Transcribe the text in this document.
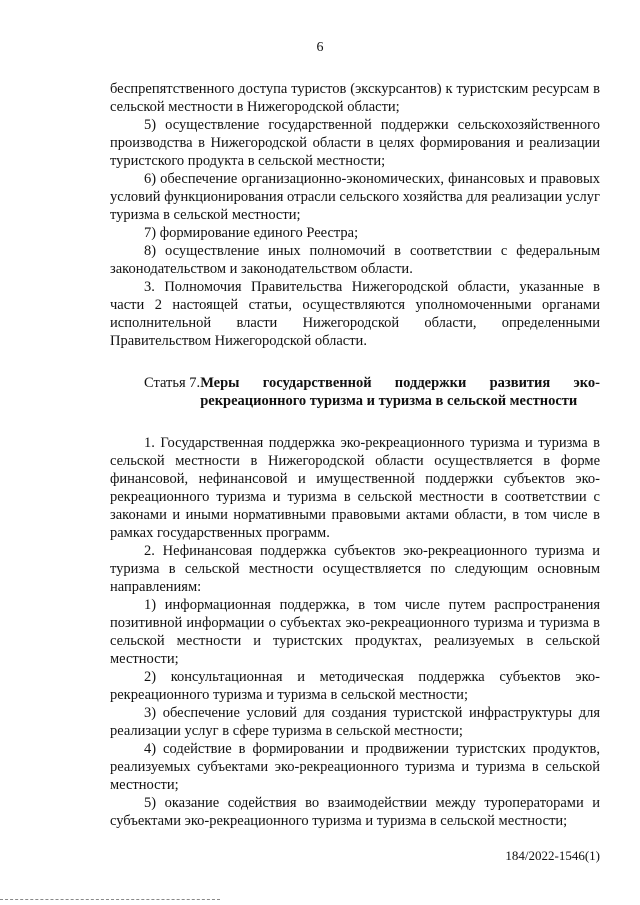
6

беспрепятственного доступа туристов (экскурсантов) к туристским ресурсам в сельской местности в Нижегородской области;

5) осуществление государственной поддержки сельскохозяйственного производства в Нижегородской области в целях формирования и реализации туристского продукта в сельской местности;

6) обеспечение организационно-экономических, финансовых и правовых условий функционирования отрасли сельского хозяйства для реализации услуг туризма в сельской местности;

7) формирование единого Реестра;

8) осуществление иных полномочий в соответствии с федеральным законодательством и законодательством области.

3. Полномочия Правительства Нижегородской области, указанные в части 2 настоящей статьи, осуществляются уполномоченными органами исполнительной власти Нижегородской области, определенными Правительством Нижегородской области.

Статья 7. Меры государственной поддержки развития эко-рекреационного туризма и туризма в сельской местности

1. Государственная поддержка эко-рекреационного туризма и туризма в сельской местности в Нижегородской области осуществляется в форме финансовой, нефинансовой и имущественной поддержки субъектов эко-рекреационного туризма и туризма в сельской местности в соответствии с законами и иными нормативными правовыми актами области, в том числе в рамках государственных программ.

2. Нефинансовая поддержка субъектов эко-рекреационного туризма и туризма в сельской местности осуществляется по следующим основным направлениям:

1) информационная поддержка, в том числе путем распространения позитивной информации о субъектах эко-рекреационного туризма и туризма в сельской местности и туристских продуктах, реализуемых в сельской местности;

2) консультационная и методическая поддержка субъектов эко-рекреационного туризма и туризма в сельской местности;

3) обеспечение условий для создания туристской инфраструктуры для реализации услуг в сфере туризма в сельской местности;

4) содействие в формировании и продвижении туристских продуктов, реализуемых субъектами эко-рекреационного туризма и туризма в сельской местности;

5) оказание содействия во взаимодействии между туроператорами и субъектами эко-рекреационного туризма и туризма в сельской местности;

184/2022-1546(1)
